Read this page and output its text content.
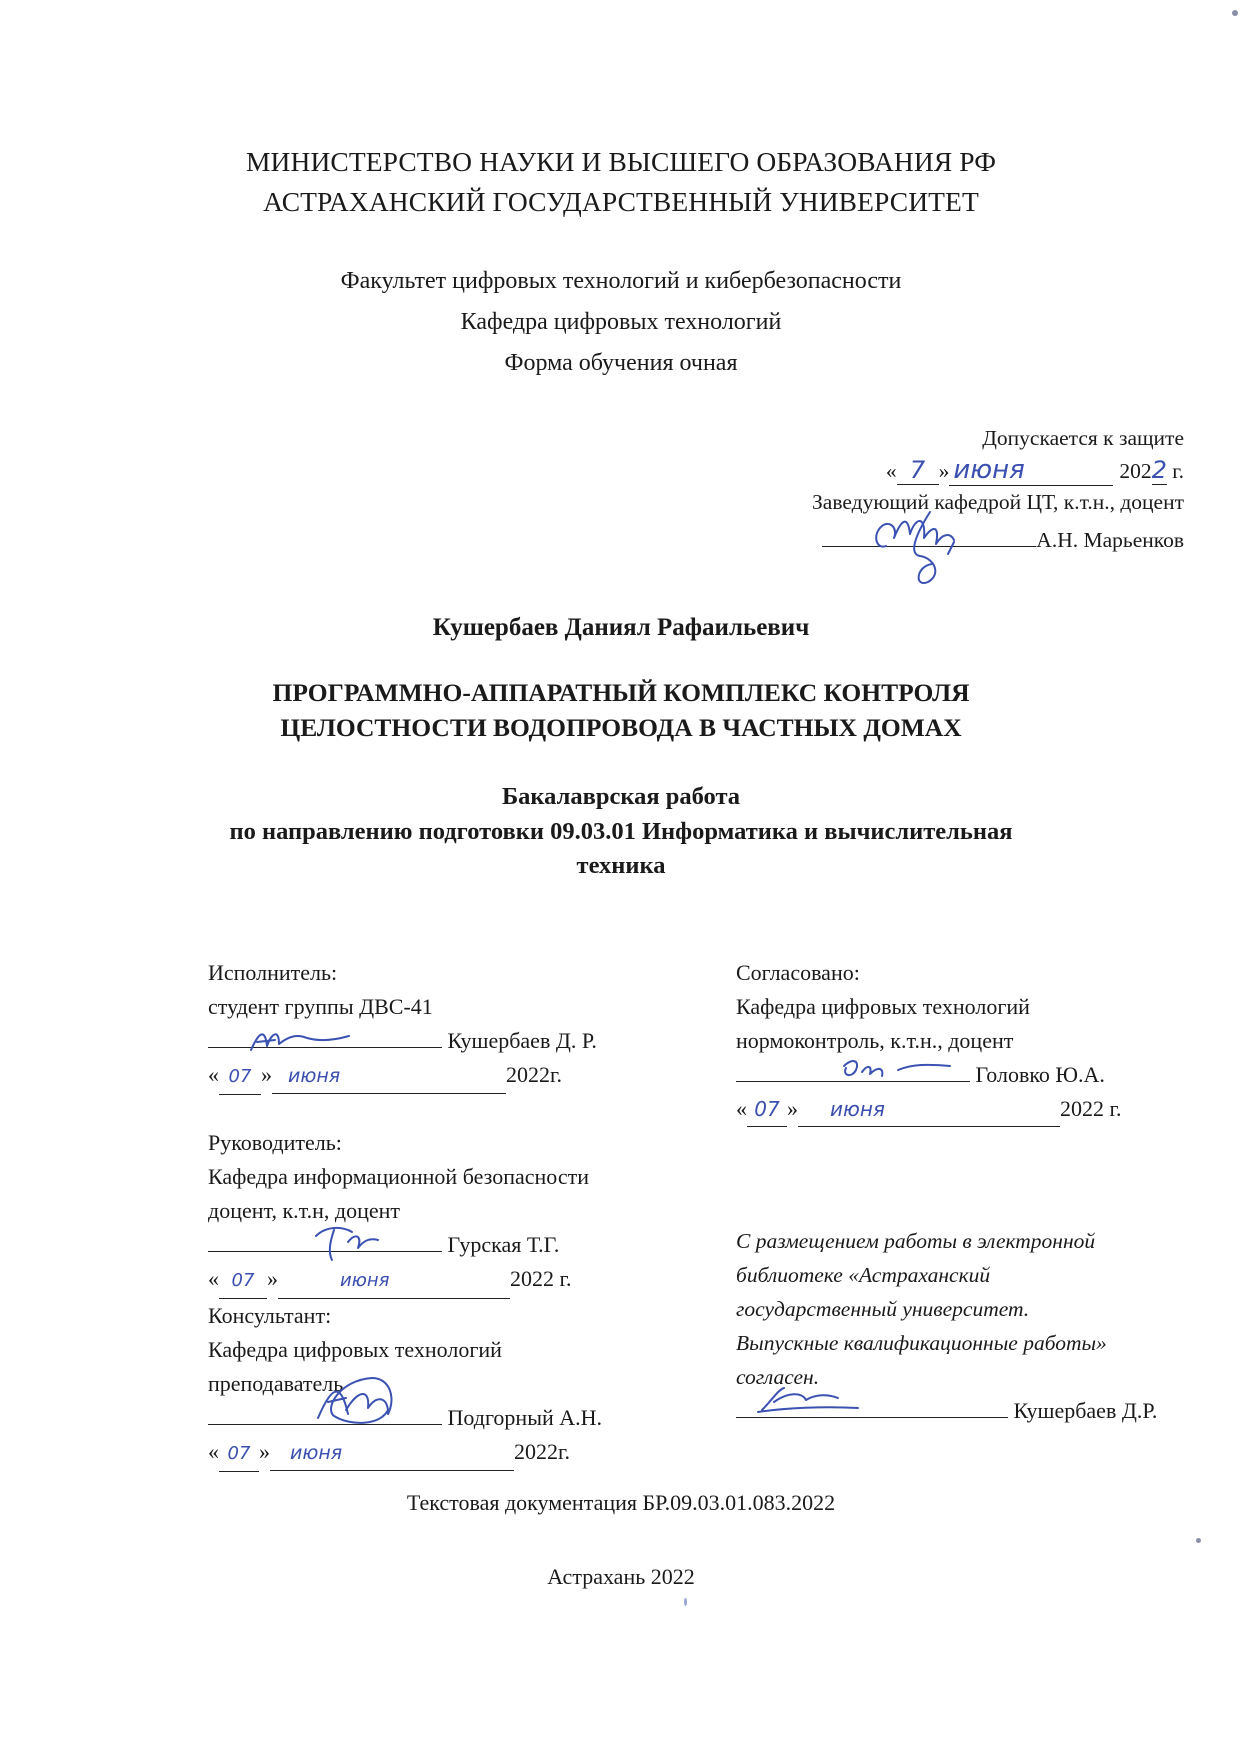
МИНИСТЕРСТВО НАУКИ И ВЫСШЕГО ОБРАЗОВАНИЯ РФ
АСТРАХАНСКИЙ ГОСУДАРСТВЕННЫЙ УНИВЕРСИТЕТ
Факультет цифровых технологий и кибербезопасности
Кафедра цифровых технологий
Форма обучения очная
Допускается к защите
« 7 » июня	2022 г.
Заведующий кафедрой ЦТ, к.т.н., доцент
А.Н. Марьенков
Кушербаев Даниял Рафаильевич
ПРОГРАММНО-АППАРАТНЫЙ КОМПЛЕКС КОНТРОЛЯ
ЦЕЛОСТНОСТИ ВОДОПРОВОДА В ЧАСТНЫХ ДОМАХ
Бакалаврская работа
по направлению подготовки 09.03.01 Информатика и вычислительная
техника
Исполнитель:
студент группы ДВС-41
Кушербаев Д. Р.
« 07 » июня	2022г.
Руководитель:
Кафедра информационной безопасности
доцент, к.т.н, доцент
Гурская Т.Г.
« 07 »	июня	2022 г.
Консультант:
Кафедра цифровых технологий
преподаватель
Подгорный А.Н.
« 07 » июня	2022г.
Согласовано:
Кафедра цифровых технологий
нормоконтроль, к.т.н., доцент
Головко Ю.А.
« 07 » июня	2022 г.
С размещением работы в электронной
библиотеке «Астраханский
государственный университет.
Выпускные квалификационные работы»
согласен.
Кушербаев Д.Р.
Текстовая документация БР.09.03.01.083.2022
Астрахань 2022
